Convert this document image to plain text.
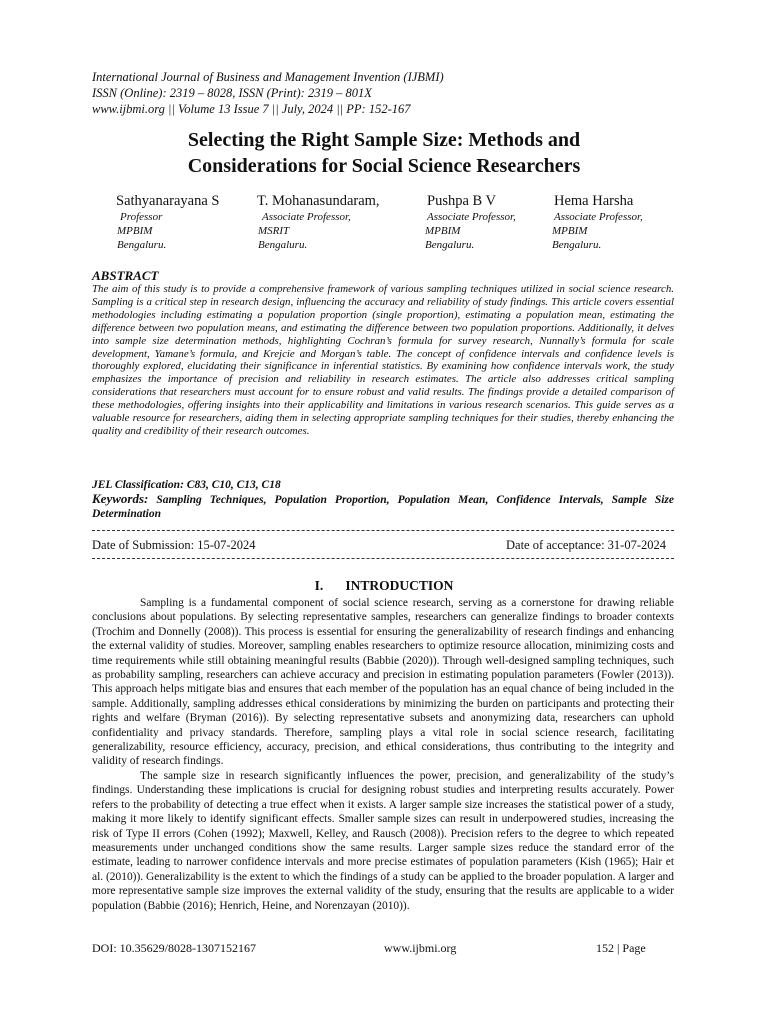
International Journal of Business and Management Invention (IJBMI)
ISSN (Online): 2319 – 8028, ISSN (Print): 2319 – 801X
www.ijbmi.org || Volume 13 Issue 7 || July, 2024 || PP: 152-167
Selecting the Right Sample Size: Methods and
Considerations for Social Science Researchers
Sathyanarayana S
Professor
MPBIM
Bengaluru.
T. Mohanasundaram,
Associate Professor,
MSRIT
Bengaluru.
Pushpa B V
Associate Professor,
MPBIM
Bengaluru.
Hema Harsha
Associate Professor,
MPBIM
Bengaluru.
ABSTRACT
The aim of this study is to provide a comprehensive framework of various sampling techniques utilized in social science research. Sampling is a critical step in research design, influencing the accuracy and reliability of study findings. This article covers essential methodologies including estimating a population proportion (single proportion), estimating a population mean, estimating the difference between two population means, and estimating the difference between two population proportions. Additionally, it delves into sample size determination methods, highlighting Cochran’s formula for survey research, Nunnally’s formula for scale development, Yamane’s formula, and Krejcie and Morgan’s table. The concept of confidence intervals and confidence levels is thoroughly explored, elucidating their significance in inferential statistics. By examining how confidence intervals work, the study emphasizes the importance of precision and reliability in research estimates. The article also addresses critical sampling considerations that researchers must account for to ensure robust and valid results. The findings provide a detailed comparison of these methodologies, offering insights into their applicability and limitations in various research scenarios. This guide serves as a valuable resource for researchers, aiding them in selecting appropriate sampling techniques for their studies, thereby enhancing the quality and credibility of their research outcomes.
JEL Classification: C83, C10, C13, C18
Keywords: Sampling Techniques, Population Proportion, Population Mean, Confidence Intervals, Sample Size Determination
Date of Submission: 15-07-2024	Date of acceptance: 31-07-2024
I. INTRODUCTION

Sampling is a fundamental component of social science research, serving as a cornerstone for drawing reliable conclusions about populations. By selecting representative samples, researchers can generalize findings to broader contexts (Trochim and Donnelly (2008)). This process is essential for ensuring the generalizability of research findings and enhancing the external validity of studies. Moreover, sampling enables researchers to optimize resource allocation, minimizing costs and time requirements while still obtaining meaningful results (Babbie (2020)). Through well-designed sampling techniques, such as probability sampling, researchers can achieve accuracy and precision in estimating population parameters (Fowler (2013)). This approach helps mitigate bias and ensures that each member of the population has an equal chance of being included in the sample. Additionally, sampling addresses ethical considerations by minimizing the burden on participants and protecting their rights and welfare (Bryman (2016)). By selecting representative subsets and anonymizing data, researchers can uphold confidentiality and privacy standards. Therefore, sampling plays a vital role in social science research, facilitating generalizability, resource efficiency, accuracy, precision, and ethical considerations, thus contributing to the integrity and validity of research findings.

The sample size in research significantly influences the power, precision, and generalizability of the study’s findings. Understanding these implications is crucial for designing robust studies and interpreting results accurately. Power refers to the probability of detecting a true effect when it exists. A larger sample size increases the statistical power of a study, making it more likely to identify significant effects. Smaller sample sizes can result in underpowered studies, increasing the risk of Type II errors (Cohen (1992); Maxwell, Kelley, and Rausch (2008)). Precision refers to the degree to which repeated measurements under unchanged conditions show the same results. Larger sample sizes reduce the standard error of the estimate, leading to narrower confidence intervals and more precise estimates of population parameters (Kish (1965); Hair et al. (2010)). Generalizability is the extent to which the findings of a study can be applied to the broader population. A larger and more representative sample size improves the external validity of the study, ensuring that the results are applicable to a wider population (Babbie (2016); Henrich, Heine, and Norenzayan (2010)).

DOI: 10.35629/8028-1307152167	www.ijbmi.org	152 | Page
